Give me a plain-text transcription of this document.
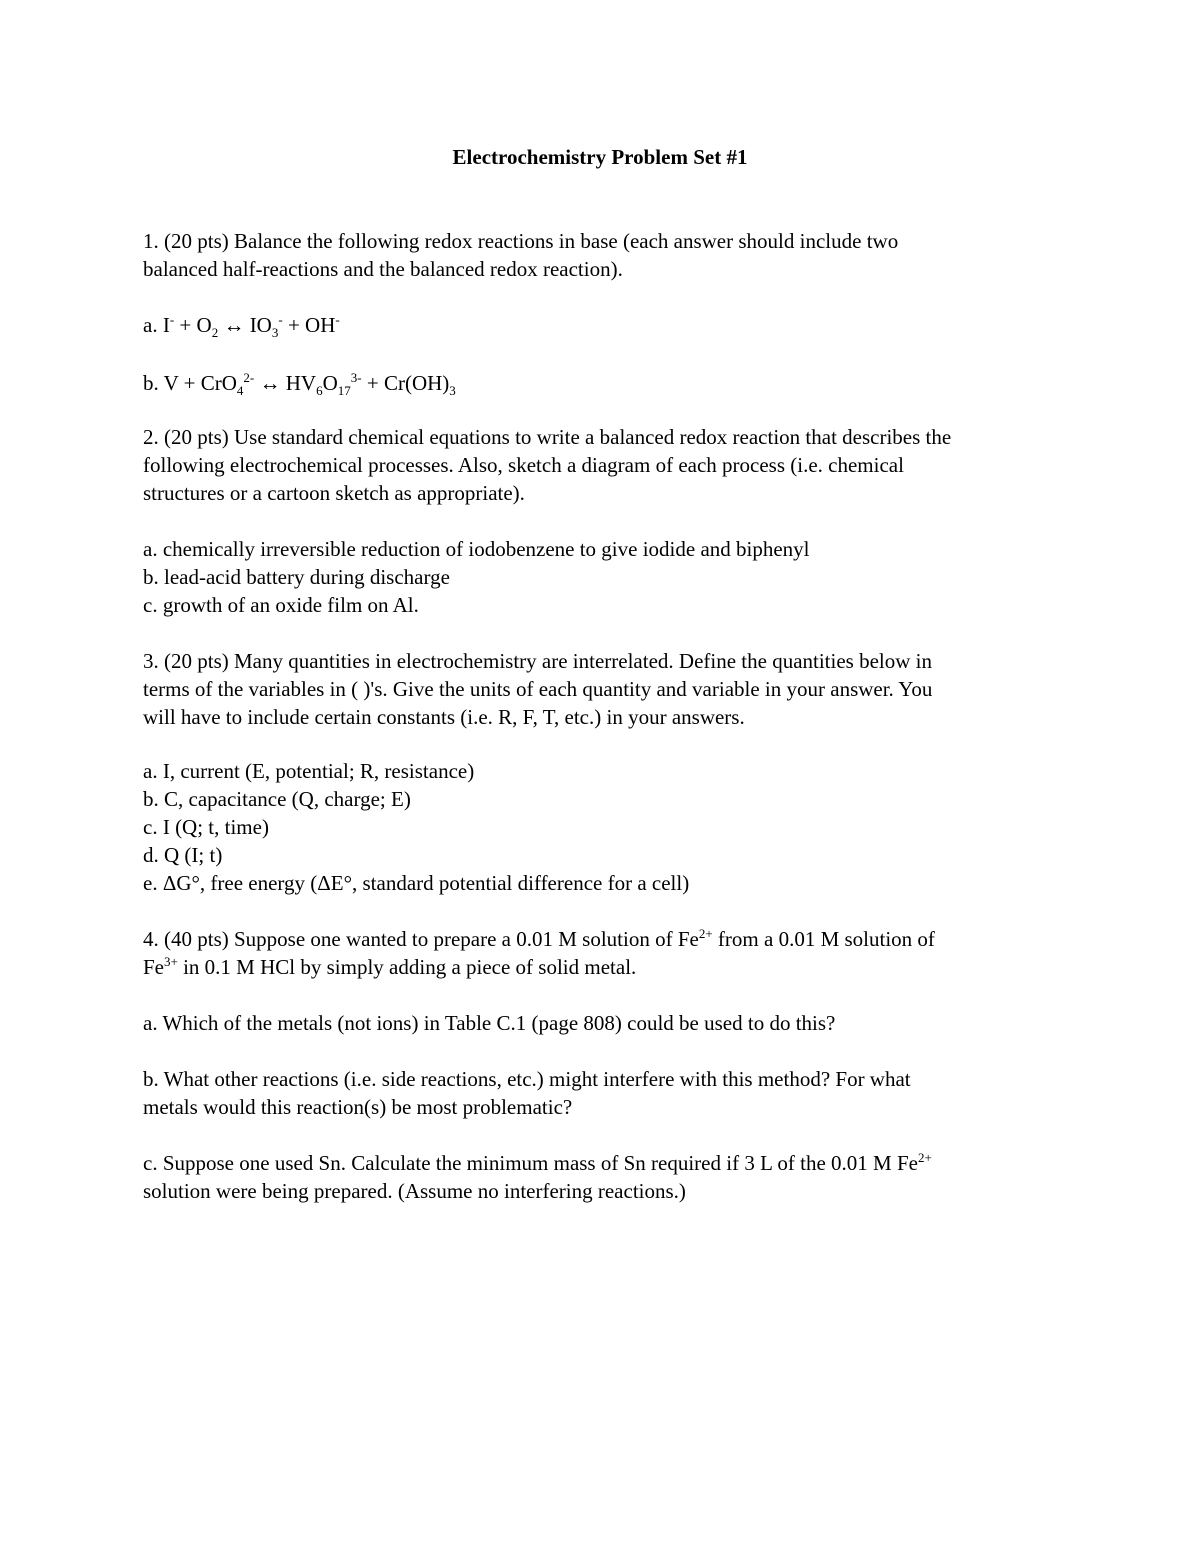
Electrochemistry Problem Set #1
1. (20 pts) Balance the following redox reactions in base (each answer should include two
balanced half-reactions and the balanced redox reaction).
a. $I^- + O_2$ ↔ $IO_3^- + OH^-$
b. V + CrO$_4^{2-}$ ↔ $HV_6O_{17}^{3-} + Cr(OH)_3$
2. (20 pts) Use standard chemical equations to write a balanced redox reaction that describes the
following electrochemical processes. Also, sketch a diagram of each process (i.e. chemical
structures or a cartoon sketch as appropriate).
a. chemically irreversible reduction of iodobenzene to give iodide and biphenyl
b. lead-acid battery during discharge
c. growth of an oxide film on Al.
3. (20 pts) Many quantities in electrochemistry are interrelated. Define the quantities below in
terms of the variables in ( )'s. Give the units of each quantity and variable in your answer. You
will have to include certain constants (i.e. R, F, T, etc.) in your answers.
a. I, current (E, potential; R, resistance)
b. C, capacitance (Q, charge; E)
c. I (Q; t, time)
d. Q (I; t)
e. ΔG°, free energy (ΔE°, standard potential difference for a cell)
4. (40 pts) Suppose one wanted to prepare a 0.01 M solution of $Fe^{2+}$ from a 0.01 M solution of
$Fe^{3+}$ in 0.1 M HCl by simply adding a piece of solid metal.
a. Which of the metals (not ions) in Table C.1 (page 808) could be used to do this?
b. What other reactions (i.e. side reactions, etc.) might interfere with this method? For what
metals would this reaction(s) be most problematic?
c. Suppose one used Sn. Calculate the minimum mass of Sn required if 3 L of the 0.01 M $Fe^{2+}$
solution were being prepared. (Assume no interfering reactions.)
